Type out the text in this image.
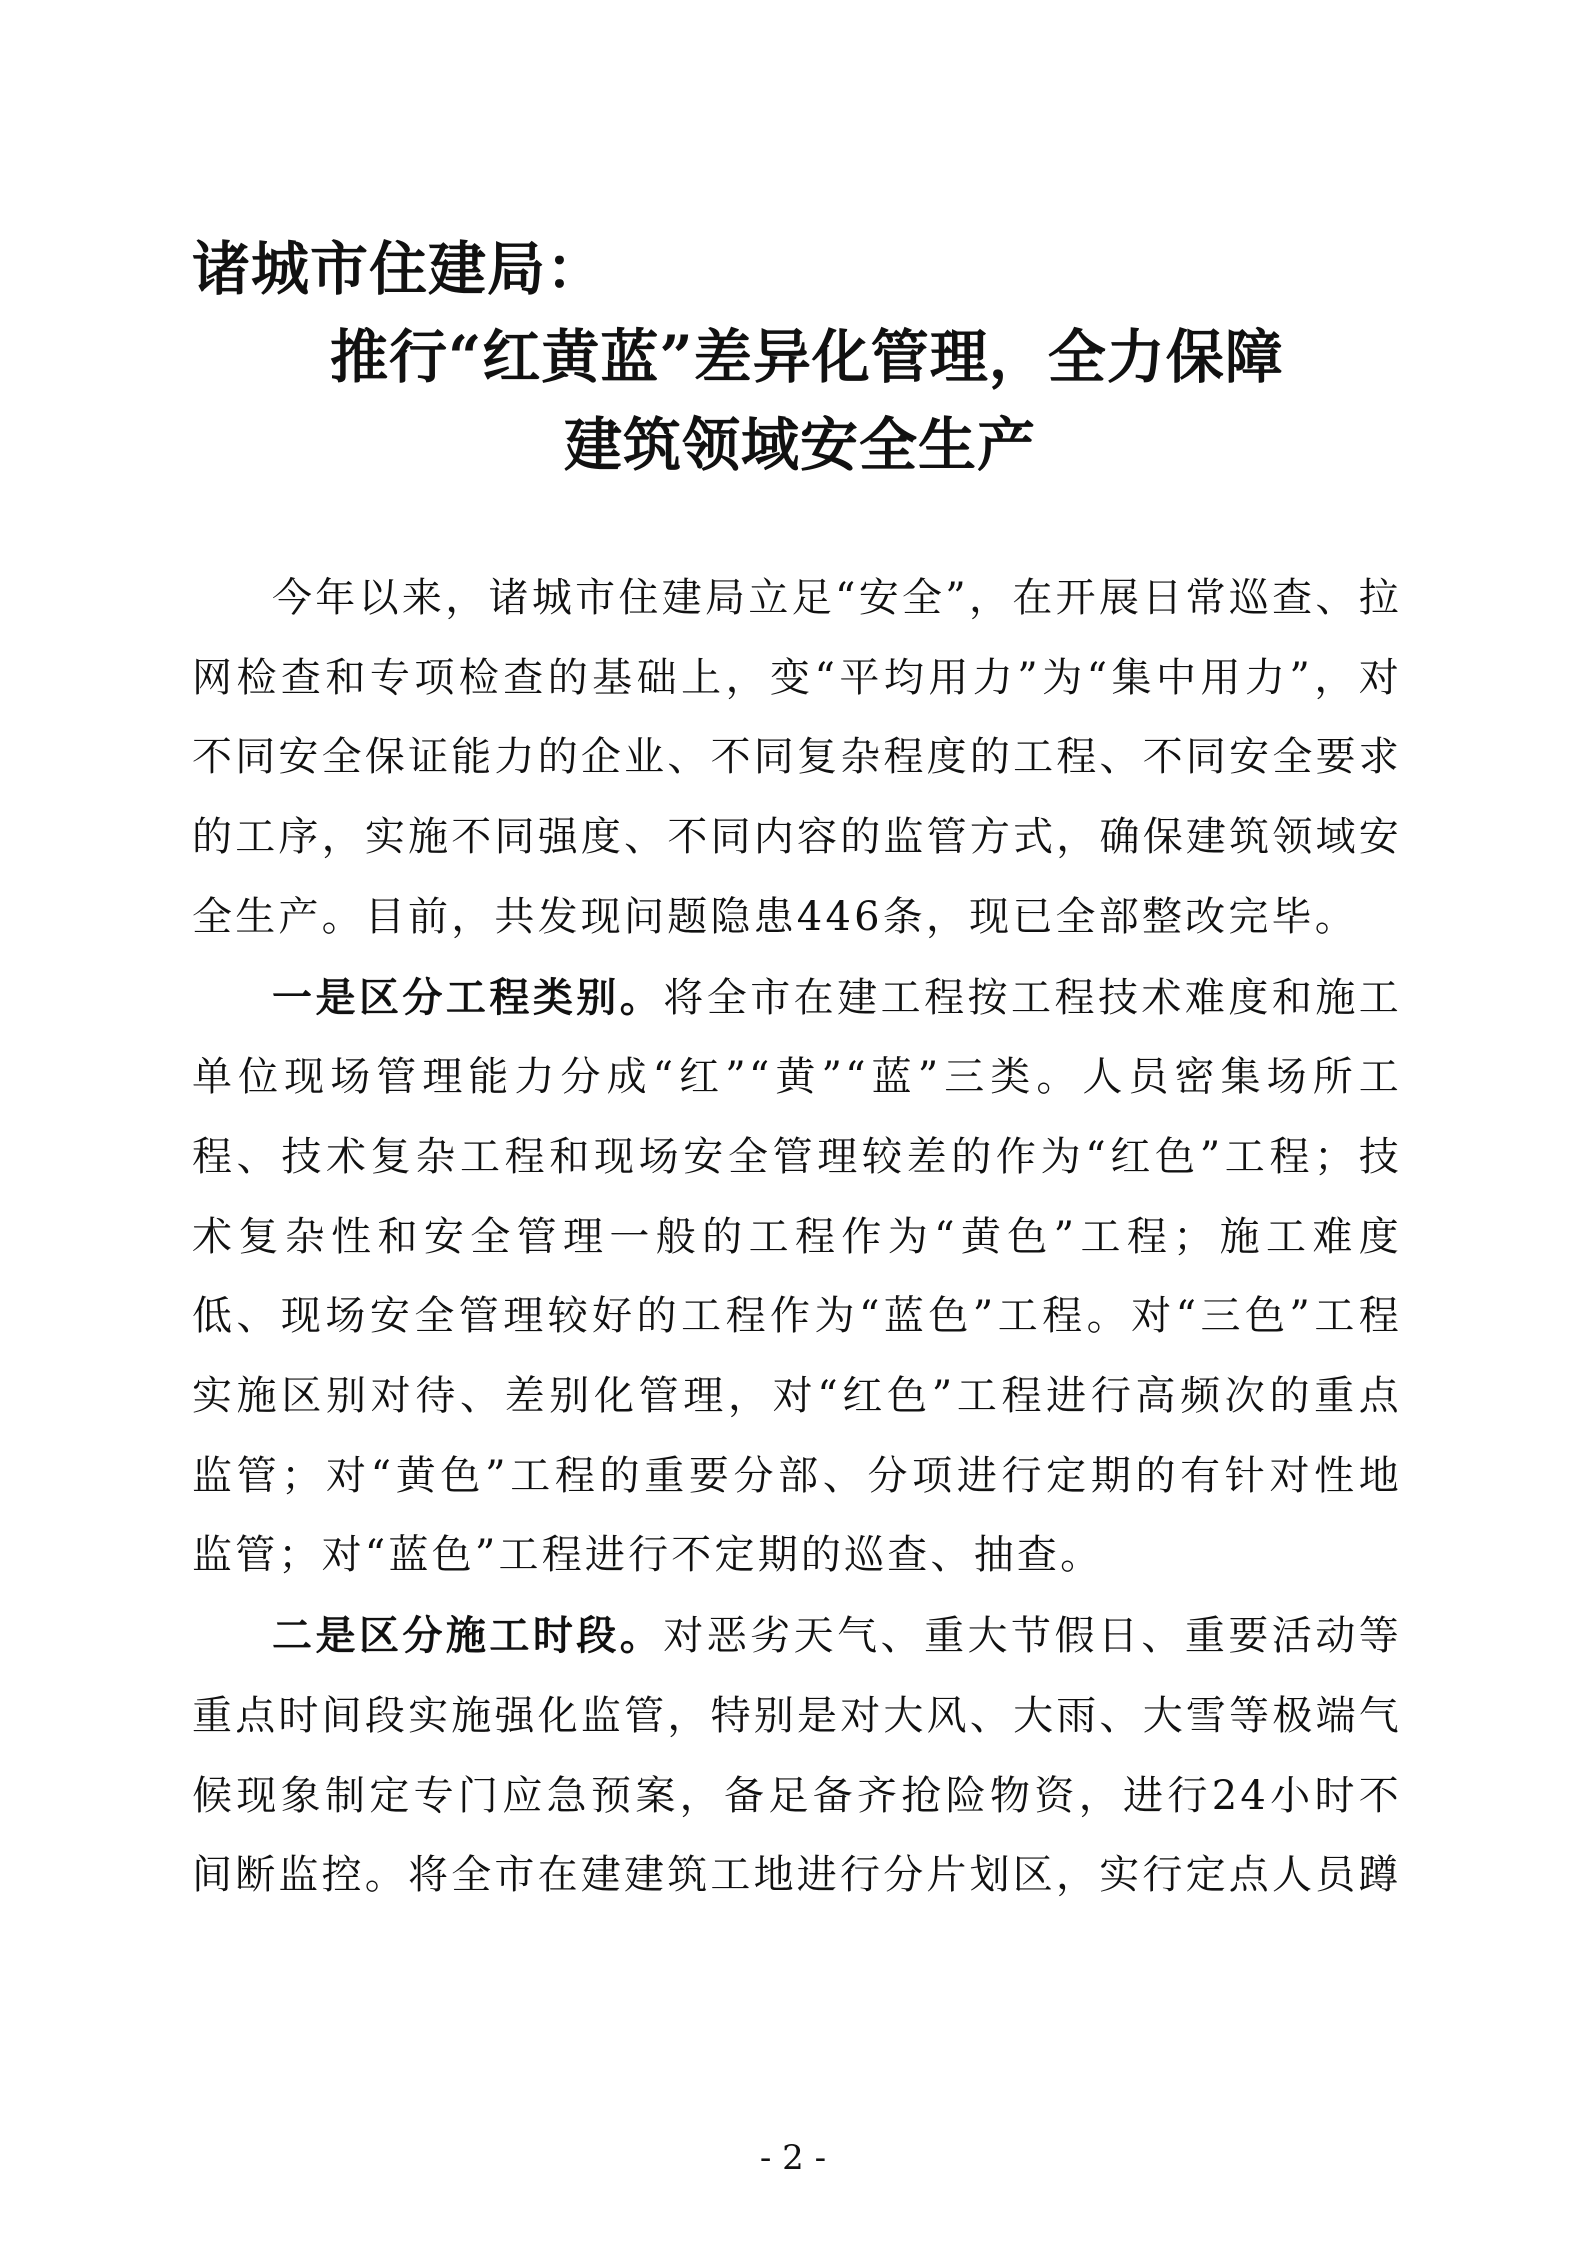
诸城市住建局：
推行“红黄蓝”差异化管理，全力保障
建筑领域安全生产

今年以来，诸城市住建局立足“安全”，在开展日常巡查、拉网检查和专项检查的基础上，变“平均用力”为“集中用力”，对不同安全保证能力的企业、不同复杂程度的工程、不同安全要求的工序，实施不同强度、不同内容的监管方式，确保建筑领域安全生产。目前，共发现问题隐患446条，现已全部整改完毕。

一是区分工程类别。将全市在建工程按工程技术难度和施工单位现场管理能力分成“红”“黄”“蓝”三类。人员密集场所工程、技术复杂工程和现场安全管理较差的作为“红色”工程；技术复杂性和安全管理一般的工程作为“黄色”工程；施工难度低、现场安全管理较好的工程作为“蓝色”工程。对“三色”工程实施区别对待、差别化管理，对“红色”工程进行高频次的重点监管；对“黄色”工程的重要分部、分项进行定期的有针对性地监管；对“蓝色”工程进行不定期的巡查、抽查。

二是区分施工时段。对恶劣天气、重大节假日、重要活动等重点时间段实施强化监管，特别是对大风、大雨、大雪等极端气候现象制定专门应急预案，备足备齐抢险物资，进行24小时不间断监控。将全市在建建筑工地进行分片划区，实行定点人员蹲

- 2 -
